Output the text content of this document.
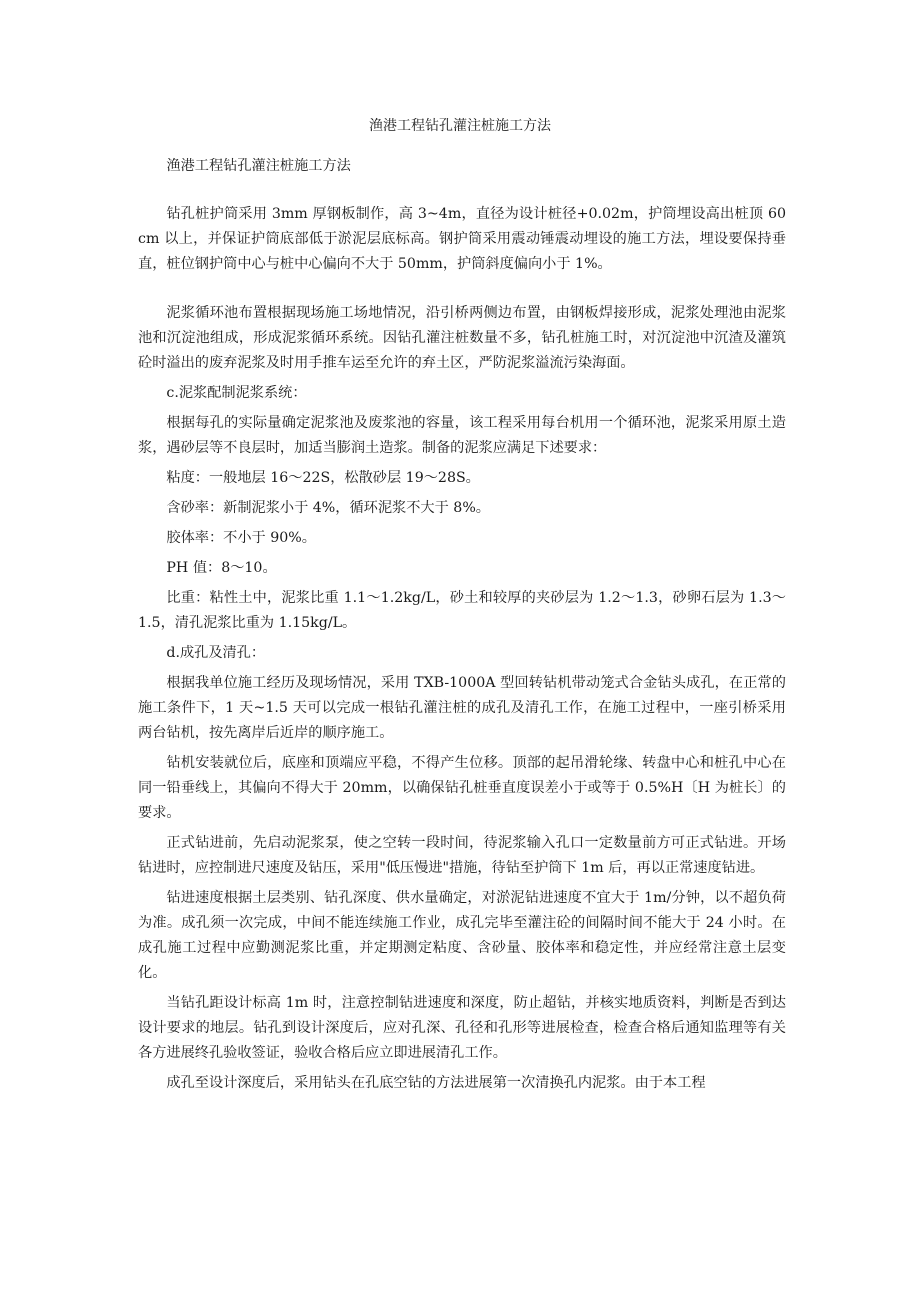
渔港工程钻孔灌注桩施工方法

渔港工程钻孔灌注桩施工方法

钻孔桩护筒采用 3mm 厚钢板制作，高 3~4m，直径为设计桩径+0.02m，护筒埋设高出桩顶 60cm 以上，并保证护筒底部低于淤泥层底标高。钢护筒采用震动锤震动埋设的施工方法，埋设要保持垂直，桩位钢护筒中心与桩中心偏向不大于 50mm，护筒斜度偏向小于 1%。

泥浆循环池布置根据现场施工场地情况，沿引桥两侧边布置，由钢板焊接形成，泥浆处理池由泥浆池和沉淀池组成，形成泥浆循环系统。因钻孔灌注桩数量不多，钻孔桩施工时，对沉淀池中沉渣及灌筑砼时溢出的废弃泥浆及时用手推车运至允许的弃土区，严防泥浆溢流污染海面。

c.泥浆配制泥浆系统：

根据每孔的实际量确定泥浆池及废浆池的容量，该工程采用每台机用一个循环池，泥浆采用原土造浆，遇砂层等不良层时，加适当膨润土造浆。制备的泥浆应满足下述要求：

粘度：一般地层 16～22S，松散砂层 19～28S。

含砂率：新制泥浆小于 4%，循环泥浆不大于 8%。

胶体率：不小于 90%。

PH 值：8～10。

比重：粘性土中，泥浆比重 1.1～1.2kg/L，砂土和较厚的夹砂层为 1.2～1.3，砂卵石层为 1.3～1.5，清孔泥浆比重为 1.15kg/L。

d.成孔及清孔：

根据我单位施工经历及现场情况，采用 TXB-1000A 型回转钻机带动笼式合金钻头成孔，在正常的施工条件下，1 天~1.5 天可以完成一根钻孔灌注桩的成孔及清孔工作，在施工过程中，一座引桥采用两台钻机，按先离岸后近岸的顺序施工。

钻机安装就位后，底座和顶端应平稳，不得产生位移。顶部的起吊滑轮缘、转盘中心和桩孔中心在同一铅垂线上，其偏向不得大于 20mm，以确保钻孔桩垂直度误差小于或等于 0.5%H〔H 为桩长〕的要求。

正式钻进前，先启动泥浆泵，使之空转一段时间，待泥浆输入孔口一定数量前方可正式钻进。开场钻进时，应控制进尺速度及钻压，采用"低压慢进"措施，待钻至护筒下 1m 后，再以正常速度钻进。

钻进速度根据土层类别、钻孔深度、供水量确定，对淤泥钻进速度不宜大于 1m/分钟，以不超负荷为准。成孔须一次完成，中间不能连续施工作业，成孔完毕至灌注砼的间隔时间不能大于 24 小时。在成孔施工过程中应勤测泥浆比重，并定期测定粘度、含砂量、胶体率和稳定性，并应经常注意土层变化。

当钻孔距设计标高 1m 时，注意控制钻进速度和深度，防止超钻，并核实地质资料，判断是否到达设计要求的地层。钻孔到设计深度后，应对孔深、孔径和孔形等进展检查，检查合格后通知监理等有关各方进展终孔验收签证，验收合格后应立即进展清孔工作。

成孔至设计深度后，采用钻头在孔底空钻的方法进展第一次清换孔内泥浆。由于本工程
